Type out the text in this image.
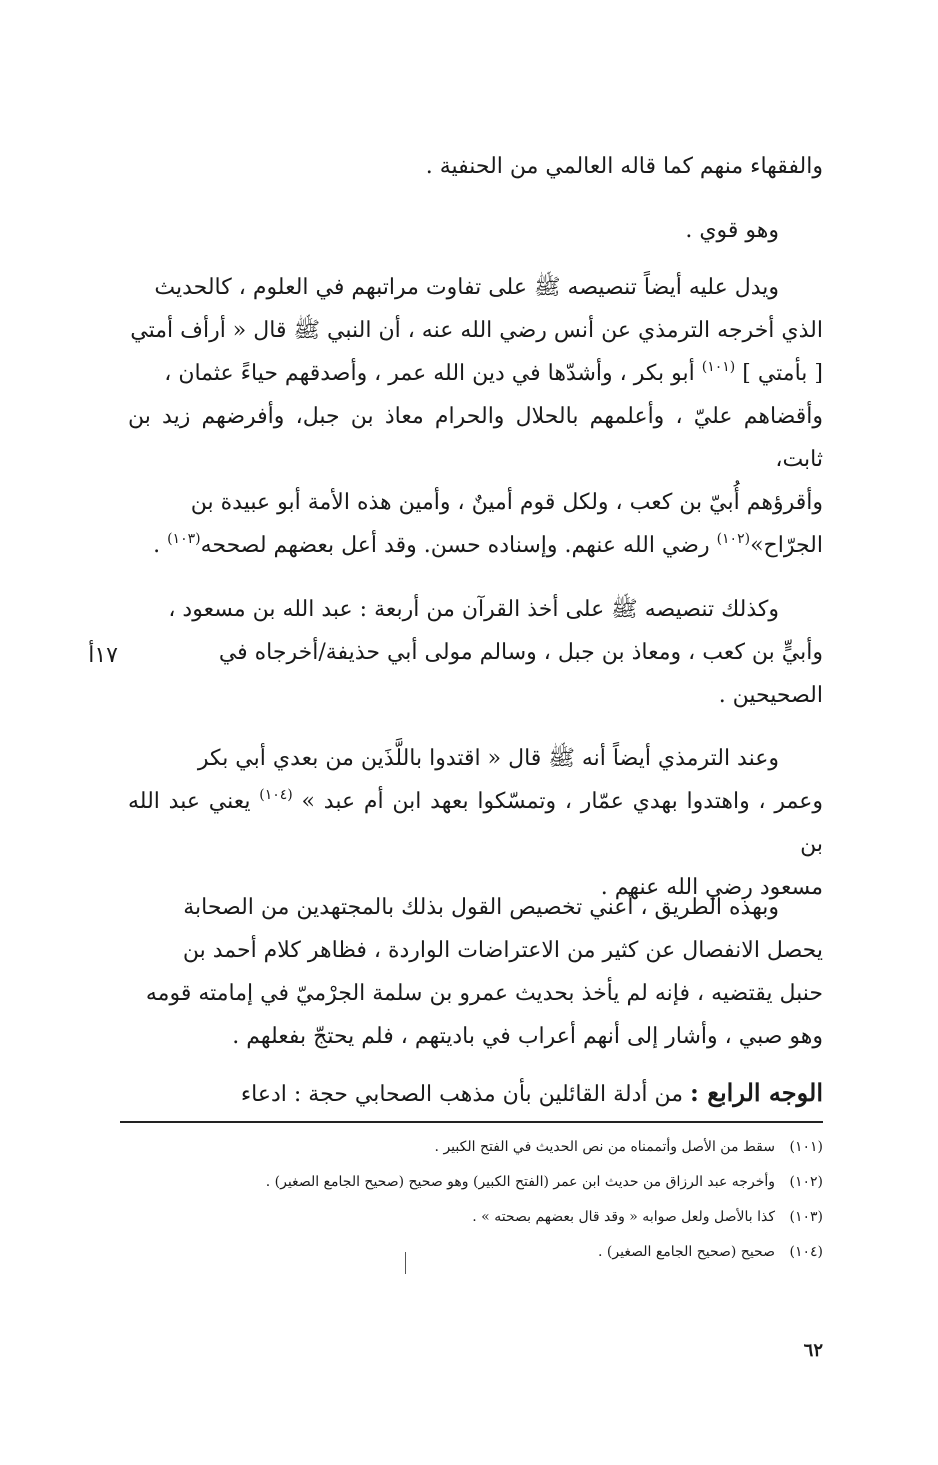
والفقهاء منهم كما قاله العالمي من الحنفية .

وهو قوي .

ويدل عليه أيضاً تنصيصه ﷺ على تفاوت مراتبهم في العلوم ، كالحديث

الذي أخرجه الترمذي عن أنس رضي الله عنه ، أن النبي ﷺ قال « أرأف أمتي

[ بأمتي ] $^{(١٠١)}$ أبو بكر ، وأشدّها في دين الله عمر ، وأصدقهم حياءً عثمان ،

وأقضاهم عليّ ، وأعلمهم بالحلال والحرام معاذ بن جبل، وأفرضهم زيد بن ثابت،

وأقرؤهم أُبيّ بن كعب ، ولكل قوم أمينٌ ، وأمين هذه الأمة أبو عبيدة بن

الجرّاح»$^{(١٠٢)}$ رضي الله عنهم. وإسناده حسن. وقد أعل بعضهم لصححه$^{(١٠٣)}$ .

وكذلك تنصيصه ﷺ على أخذ القرآن من أربعة : عبد الله بن مسعود ،

وأبيٍّ بن كعب ، ومعاذ بن جبل ، وسالم مولى أبي حذيفة/أخرجاه في

الصحيحين .

١٧أ

وعند الترمذي أيضاً أنه ﷺ قال « اقتدوا باللَّذَين من بعدي أبي بكر

وعمر ، واهتدوا بهدي عمّار ، وتمسّكوا بعهد ابن أم عبد » $^{(١٠٤)}$ يعني عبد الله بن

مسعود رضي الله عنهم .

وبهذه الطريق ، أعني تخصيص القول بذلك بالمجتهدين من الصحابة

يحصل الانفصال عن كثير من الاعتراضات الواردة ، فظاهر كلام أحمد بن

حنبل يقتضيه ، فإنه لم يأخذ بحديث عمرو بن سلمة الجرْميّ في إمامته قومه

وهو صبي ، وأشار إلى أنهم أعراب في باديتهم ، فلم يحتجّ بفعلهم .

الوجه الرابع : من أدلة القائلين بأن مذهب الصحابي حجة : ادعاء

(١٠١)
سقط من الأصل وأتممناه من نص الحديث في الفتح الكبير .
(١٠٢)
وأخرجه عبد الرزاق من حديث ابن عمر (الفتح الكبير) وهو صحيح (صحيح الجامع الصغير) .
(١٠٣)
كذا بالأصل ولعل صوابه « وقد قال بعضهم بصحته » .
(١٠٤)
صحيح (صحيح الجامع الصغير) .
٦٢
